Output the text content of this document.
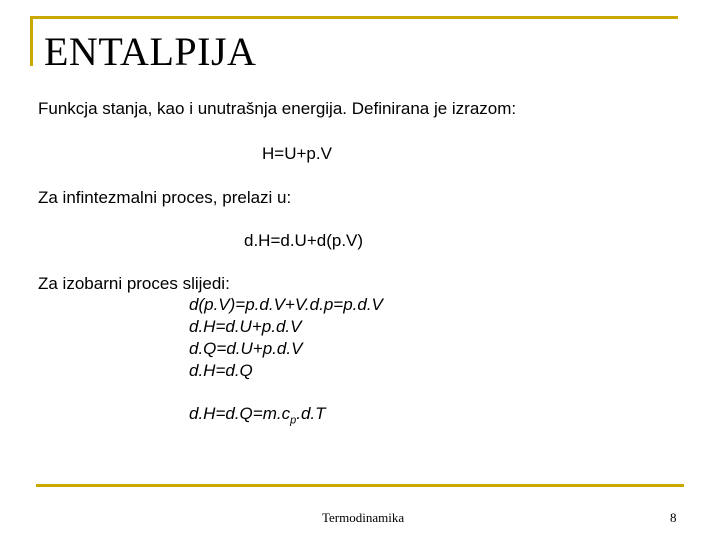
ENTALPIJA
Funkcja stanja, kao i unutrašnja energija. Definirana je izrazom:
H=U+p.V
Za infintezmalni proces, prelazi u:
d.H=d.U+d(p.V)
Za izobarni proces slijedi:
d(p.V)=p.d.V+V.d.p=p.d.V
d.H=d.U+p.d.V
d.Q=d.U+p.d.V
d.H=d.Q
$d.H=d.Q=m.c_p.d.T$
Termodinamika	8
